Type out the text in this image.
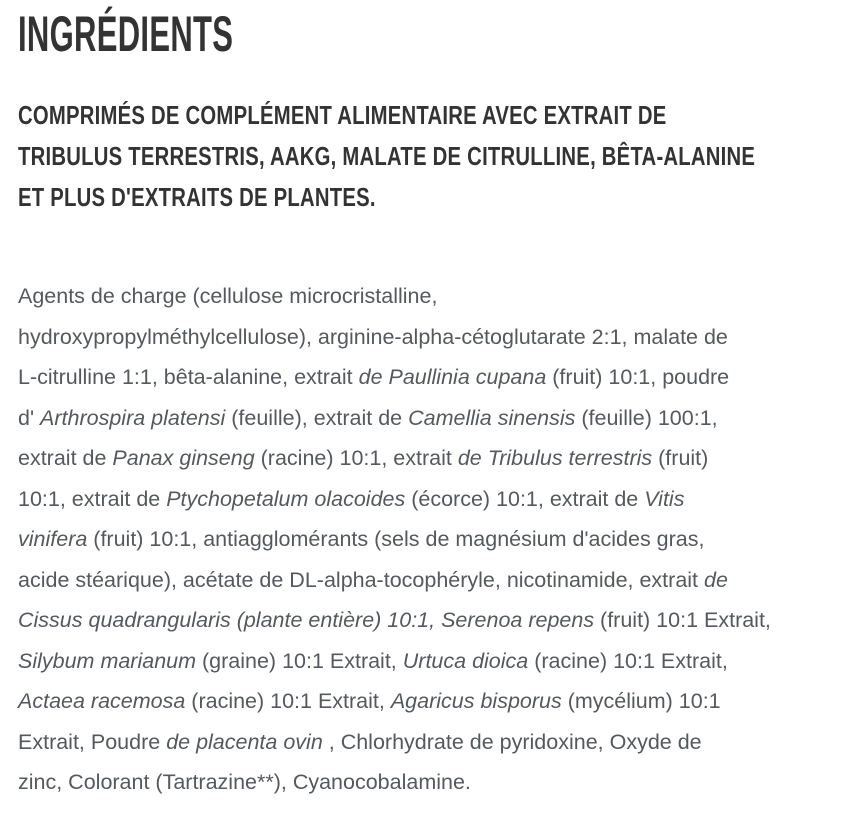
INGRÉDIENTS
COMPRIMÉS DE COMPLÉMENT ALIMENTAIRE AVEC EXTRAIT DE
TRIBULUS TERRESTRIS, AAKG, MALATE DE CITRULLINE, BÊTA-ALANINE
ET PLUS D'EXTRAITS DE PLANTES.
Agents de charge (cellulose microcristalline,
hydroxypropylméthylcellulose), arginine-alpha-cétoglutarate 2:1, malate de
L-citrulline 1:1, bêta-alanine, extrait de Paullinia cupana (fruit) 10:1, poudre
d' Arthrospira platensi (feuille), extrait de Camellia sinensis (feuille) 100:1,
extrait de Panax ginseng (racine) 10:1, extrait de Tribulus terrestris (fruit)
10:1, extrait de Ptychopetalum olacoides (écorce) 10:1, extrait de Vitis
vinifera (fruit) 10:1, antiagglomérants (sels de magnésium d'acides gras,
acide stéarique), acétate de DL-alpha-tocophéryle, nicotinamide, extrait de
Cissus quadrangularis (plante entière) 10:1, Serenoa repens (fruit) 10:1 Extrait,
Silybum marianum (graine) 10:1 Extrait, Urtuca dioica (racine) 10:1 Extrait,
Actaea racemosa (racine) 10:1 Extrait, Agaricus bisporus (mycélium) 10:1
Extrait, Poudre de placenta ovin , Chlorhydrate de pyridoxine, Oxyde de
zinc, Colorant (Tartrazine**), Cyanocobalamine.
